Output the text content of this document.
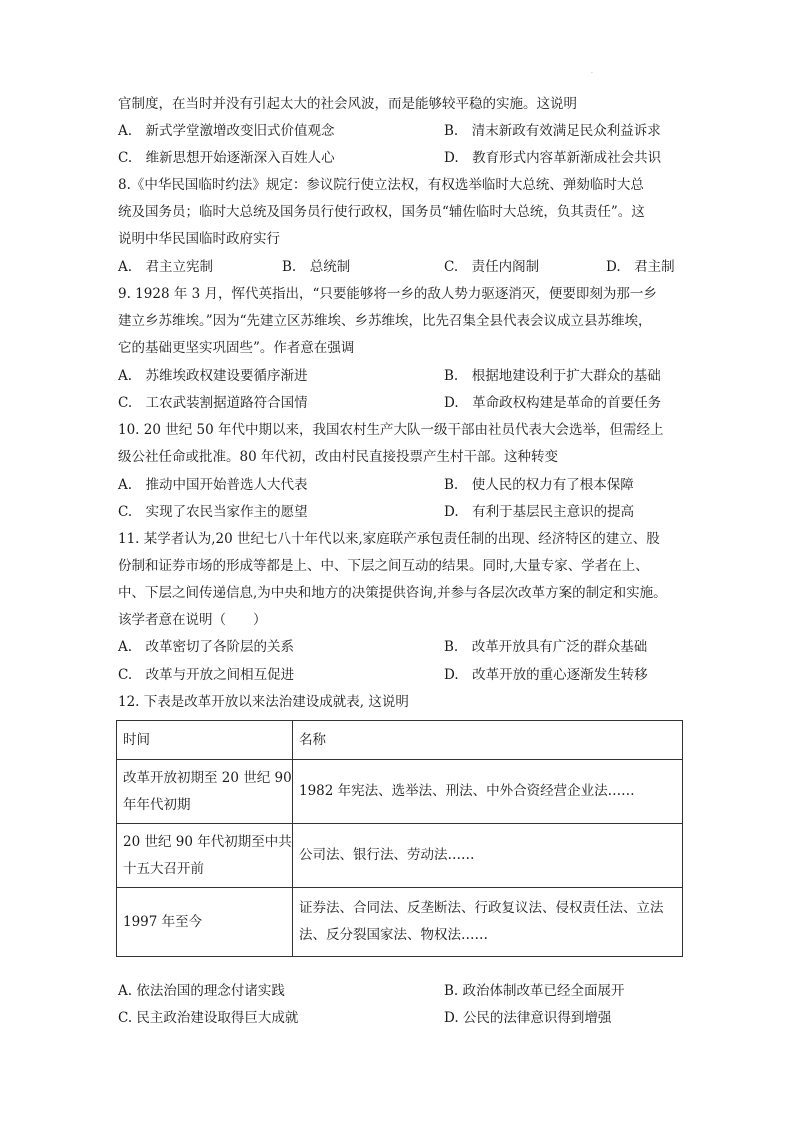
·
官制度，在当时并没有引起太大的社会风波，而是能够较平稳的实施。这说明
A.　新式学堂激增改变旧式价值观念	B.　清末新政有效满足民众利益诉求
C.　维新思想开始逐渐深入百姓人心	D.　教育形式内容革新渐成社会共识
8.《中华民国临时约法》规定：参议院行使立法权，有权选举临时大总统、弹劾临时大总
统及国务员；临时大总统及国务员行使行政权，国务员“辅佐临时大总统，负其责任”。这
说明中华民国临时政府实行
A.　君主立宪制	B.　总统制	C.　责任内阁制	D.　君主制
9. 1928 年 3 月，恽代英指出，“只要能够将一乡的敌人势力驱逐消灭，便要即刻为那一乡
建立乡苏维埃。”因为“先建立区苏维埃、乡苏维埃，比先召集全县代表会议成立县苏维埃，
它的基础更坚实巩固些”。作者意在强调
A.　苏维埃政权建设要循序渐进	B.　根据地建设利于扩大群众的基础
C.　工农武装割据道路符合国情	D.　革命政权构建是革命的首要任务
10. 20 世纪 50 年代中期以来，我国农村生产大队一级干部由社员代表大会选举，但需经上
级公社任命或批准。80 年代初，改由村民直接投票产生村干部。这种转变
A.　推动中国开始普选人大代表	B.　使人民的权力有了根本保障
C.　实现了农民当家作主的愿望	D.　有利于基层民主意识的提高
11. 某学者认为,20 世纪七八十年代以来,家庭联产承包责任制的出现、经济特区的建立、股
份制和证券市场的形成等都是上、中、下层之间互动的结果。同时,大量专家、学者在上、
中、下层之间传递信息,为中央和地方的决策提供咨询,并参与各层次改革方案的制定和实施。
该学者意在说明（　　）
A.　改革密切了各阶层的关系	B.　改革开放具有广泛的群众基础
C.　改革与开放之间相互促进	D.　改革开放的重心逐渐发生转移
12. 下表是改革开放以来法治建设成就表, 这说明
时间	名称

改革开放初期至 20 世纪 90
年年代初期	1982 年宪法、选举法、刑法、中外合资经营企业法……

20 世纪 90 年代初期至中共
十五大召开前	公司法、银行法、劳动法……

1997 年至今	证券法、合同法、反垄断法、行政复议法、侵权责任法、立法
法、反分裂国家法、物权法……
A. 依法治国的理念付诸实践	B. 政治体制改革已经全面展开
C. 民主政治建设取得巨大成就	D. 公民的法律意识得到增强
